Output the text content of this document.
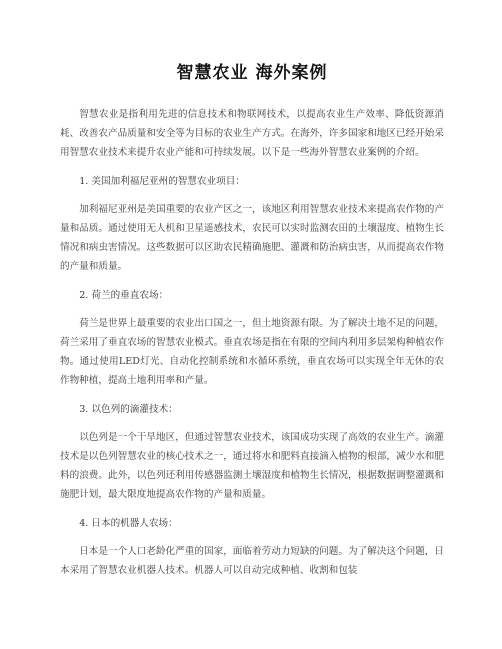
智慧农业 海外案例

智慧农业是指利用先进的信息技术和物联网技术，以提高农业生产效率、降低资源消耗、改善农产品质量和安全等为目标的农业生产方式。在海外，许多国家和地区已经开始采用智慧农业技术来提升农业产能和可持续发展。以下是一些海外智慧农业案例的介绍。

1. 美国加利福尼亚州的智慧农业项目：

加利福尼亚州是美国重要的农业产区之一，该地区利用智慧农业技术来提高农作物的产量和品质。通过使用无人机和卫星遥感技术，农民可以实时监测农田的土壤湿度、植物生长情况和病虫害情况。这些数据可以区助农民精确施肥、灌溉和防治病虫害，从而提高农作物的产量和质量。

2. 荷兰的垂直农场：

荷兰是世界上最重要的农业出口国之一，但土地资源有限。为了解决土地不足的问题，荷兰采用了垂直农场的智慧农业模式。垂直农场是指在有限的空间内利用多层架构种植农作物。通过使用LED灯光、自动化控制系统和水循环系统，垂直农场可以实现全年无休的农作物种植，提高土地利用率和产量。

3. 以色列的滴灌技术：

以色列是一个干旱地区，但通过智慧农业技术，该国成功实现了高效的农业生产。滴灌技术是以色列智慧农业的核心技术之一，通过将水和肥料直接滴入植物的根部，减少水和肥料的浪费。此外，以色列还利用传感器监测土壤湿度和植物生长情况，根据数据调整灌溉和施肥计划，最大限度地提高农作物的产量和质量。

4. 日本的机器人农场：

日本是一个人口老龄化严重的国家，面临着劳动力短缺的问题。为了解决这个问题，日本采用了智慧农业机器人技术。机器人可以自动完成种植、收割和包装
